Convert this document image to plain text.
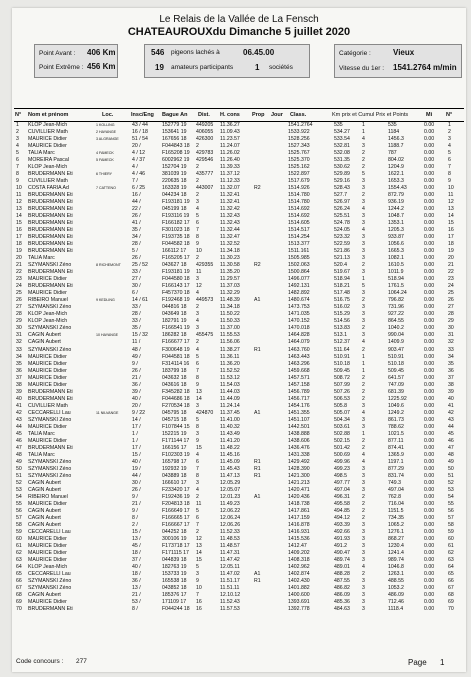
Le Relais de la Vallée de La Fensch
CHATEAUROUXdu Dimanche 5 juillet 2020
Point Avant : 406 Km
Point Extrême : 456 Km
546 pigeons lachés à	06.45.00
19 amateurs participants	1 sociétés
Catégorie :	Vieux
Vitesse du 1er : 1541.2764 m/min
N° Nom et prénom	Loc.	Insc/Eng Bague An Dist. H. cons Prop Jour Class.	Km prix et Cumul Prix et Points	Mi	N°
1 KLOP Jean-Mich	1 KOLLING	43 / 44	152779 19 449205 11.36.27	1541.2764	535	1	535	0.00	1
2 CUVILLIER Math	2 HAYANGE	16 / 18	153641 19 406055 11.09.43	1533.922	534.27 1	1184	0.00	2
3 MAURICE Didier	3 ALGRANGE	51 / 54	167656 18 426300 11.23.57	1528.256	533.54 4	1456.3	0.00	3
4 MAURICE Didier	20 /	F044843 18 2	11.24.07	1527.343	532.81 3	1188.7	0.00	4
5 TALIA Marc	4 FAMECK	4 / 12	F165208 19 429783 11.26.02	1525.767	532.08 2	787	0.00	5
6 MOREIRA Pascal	5 FAMECK	4 / 37	6002962 19 429546 11.26.40	1525.370	531.35 2	804.02	0.00	6
7 KLOP Jean-Mich	4 /	152704 19 2	11.39.33	1525.162	530.62 2	1204.9	0.00	7
8 BRUDERMANN Eti	6 THIERY	4 / 46	381039 19 435777 11.37.12	1522.897	529.89 5	1622.1	0.00	8
9 CUVILLIER Math	7 /	220635 18 2	11.12.33	1517.679	529.16 3	1653.3	0.00	9
10 COSTA FARIA Ad	7 CATTENO	6 / 25	163328 19 443007 11.32.07	R2	1514.926	528.43 3	1554.43	0.00	10
11 BRUDERMANN Eti	16 /	044234 18 2	11.32.41	1514.780	527.7	2	872.79	0.00	11
12 BRUDERMANN Eti	44 /	F193181 19 3	11.32.41	1514.780	526.97 3	936.19	0.00	12
13 BRUDERMANN Eti	22 /	045199 18 4	11.32.42	1514.692	526.24 4	1244.2	0.00	13
14 BRUDERMANN Eti	26 /	F193116 19 5	11.32.43	1514.692	525.51 3	1048.7	0.00	14
15 BRUDERMANN Eti	41 /	F166182 17 6	11.32.43	1514.605	524.78 3	1353.1	0.00	15
16 BRUDERMANN Eti	35 /	F301023 18 7	11.32.44	1514.517	524.05 4	1205.3	0.00	16
17 BRUDERMANN Eti	34 /	F193735 18 8	11.32.47	1514.254	523.32 3	933.87	0.00	17
18 BRUDERMANN Eti	28 /	F044582 18 9	11.32.52	1513.377	522.59 3	1056.6	0.00	18
19 BRUDERMANN Eti	5 /	166112 17 10	11.34.18	1511.161	521.86 3	1665.3	0.00	19
20 TALIA Marc	26 /	F165205 17 2	11.30.23	1505.985	521.13 3	1082.1	0.00	20
21 SZYMANSKI Zéno	8 RICHEMONT 25 / 52	043627 18 429355 11.30.58	R2	1502.063	520.4	2	1610.5	0.00	21
22 BRUDERMANN Eti	33 /	F193181 19 11	11.35.20	1500.864	519.67 3	1011.9	0.00	22
23 MAURICE Didier	27 /	F044580 18 3	11.29.57	1496.077	518.94 1	518.94	0.00	23
24 BRUDERMANN Eti	30 /	F166143 17 12	11.37.03	1492.131	518.21 5	1761.5	0.00	24
25 MAURICE Didier	6 /	F457370 18 4	11.32.29	1482.892	517.48 3	1064.24	0.00	25
26 RIBEIRO Manuel	9 KEDLING	14 / 61	F192468 19 449573 11.48.39	A1	1480.674	516.75 2	796.82	0.00	26
27 SZYMANSKI Zéno	33 /	044816 18 2	11.34.18	1473.753	516.02 3	731.96	0.00	27
28 KLOP Jean-Mich	28 /	043649 18 3	11.50.22	1471.035	515.29 3	927.22	0.00	28
29 KLOP Jean-Mich	33 /	182791 19 4	11.50.33	1470.152	514.56 3	864.55	0.00	29
30 SZYMANSKI Zéno	35 /	F166541 19 3	11.37.00	1470.018	513.83 2	1040.2	0.00	30
31 CAGIN Aubert	10 HAYANGE	15 / 32	186282 18 455475 11.55.53	1464.828	513.1	3	990.04	0.00	31
32 CAGIN Aubert	11 /	F166677 17 2	11.56.06	1464.079	512.37 4	1409.9	0.00	32
33 SZYMANSKI Zéno	48 /	F300648 19 4	11.38.27	R1	1463.760	511.64 2	903.47	0.00	33
34 MAURICE Didier	49 /	F044581 18 5	11.36.11	1463.443	510.91 1	510.91	0.00	34
35 MAURICE Didier	9 /	F314114 16 6	11.36.20	1463.296	510.18 1	510.18	0.00	35
36 MAURICE Didier	26 /	183799 18 7	11.52.52	1459.668	509.45 1	509.45	0.00	36
37 MAURICE Didier	21 /	043632 18 8	11.53.12	1457.571	508.72 2	641.57	0.00	37
38 MAURICE Didier	36 /	043616 18 9	11.54.03	1457.158	507.99 2	747.09	0.00	38
39 BRUDERMANN Eti	39 /	F345282 18 13	11.44.03	1456.789	507.26 2	681.39	0.00	39
40 BRUDERMANN Eti	40 /	F044686 18 14	11.44.09	1456.717	506.53 2	1225.92	0.00	40
41 CUVILLIER Math	20 /	F270534 18 3	11.24.14	1454.176	505.8	3	1049.6	0.00	41
42 CECCARELLI Lau	11 NILVANGE	9 / 22	045795 18 424870 11.37.45	A1	1451.355	505.07 4	1249.2	0.00	42
43 SZYMANSKI Zéno	14 /	045715 18 5	11.41.00	1451.107	504.34 3	861.73	0.00	43
44 MAURICE Didier	17 /	F107844 15 8	11.40.32	1442.501	503.61 3	788.62	0.00	44
45 TALIA Marc	1 /	152215 19 3	11.43.49	1438.888	502.88 1	1021.5	0.00	45
46 MAURICE Didier	1 /	F171144 17 9	11.41.20	1438.606	502.15 2	877.11	0.00	46
47 BRUDERMANN Eti	17 /	166156 17 15	11.48.22	1436.476	501.42 2	874.41	0.00	47
48 TALIA Marc	15 /	F102303 19 4	11.45.16	1431.338	500.69 4	1365.9	0.00	48
49 SZYMANSKI Zéno	40 /	165798 17 6	11.45.09	R1	1429.492	499.96 4	1197.1	0.00	49
50 SZYMANSKI Zéno	19 /	192932 19 7	11.45.43	R1	1428.390	499.23 3	877.29	0.00	50
51 SZYMANSKI Zéno	44 /	043889 18 8	11.47.13	R1	1421.300	498.5	3	831.74	0.00	51
52 CAGIN Aubert	30 /	166610 17 3	12.05.29	1421.213	497.77 3	749.3	0.00	52
53 CAGIN Aubert	26 /	F233420 17 4	12.05.07	1420.471	497.04 3	497.04	0.00	53
54 RIBEIRO Manuel	9 /	F192436 19 2	12.01.23	A1	1420.436	496.31 2	762.8	0.00	54
55 MAURICE Didier	21 /	F204813 18 11	11.49.23	1418.738	495.58 2	716.04	0.00	55
56 CAGIN Aubert	9 /	F166649 17 5	12.06.22	1417.861	494.85 2	1151.5	0.00	56
57 CAGIN Aubert	8 /	F166665 17 6	12.06.24	1417.159	494.12 2	734.35	0.00	57
58 CAGIN Aubert	2 /	F166667 17 7	12.06.26	1416.878	493.39 3	1065.2	0.00	58
59 CECCARELLI Lau	15 /	044252 18 2	11.52.33	1416.931	492.66 3	1276.1	0.00	59
60 MAURICE Didier	13 /	300106 19 12	11.48.53	1415.536	491.93 3	868.27	0.00	60
61 MAURICE Didier	45 /	F173718 17 13	11.48.57	1412.47	491.2	3	1230.4	0.00	61
62 MAURICE Didier	18 /	F171115 17 14	11.47.31	1409.202	490.47 3	1241.4	0.00	62
63 MAURICE Didier	37 /	044839 18 15	11.47.42	1408.318	489.74 3	989.74	0.00	63
64 KLOP Jean-Mich	40 /	182763 19 5	12.05.11	1402.962	489.01 4	1046.8	0.00	64
65 CECCARELLI Lau	18 /	153733 19 3	11.47.02	A1	1402.874	488.28 2	1263.1	0.00	65
66 SZYMANSKI Zéno	36 /	165538 18 9	11.51.17	R1	1402.430	487.55 3	488.55	0.00	66
67 SZYMANSKI Zéno	13 /	043852 18 10	11.51.11	1401.882	486.82 3	1053.2	0.00	67
68 CAGIN Aubert	21 /	185376 17 7	12.10.12	1400.600	486.09 3	486.09	0.00	68
69 MAURICE Didier	53 /	171109 17 16	11.52.43	1393.691	485.36 3	712.46	0.00	69
70 BRUDERMANN Eti	8 /	F044244 18 16	11.57.53	1392.778	484.63 3	1118.4	0.00	70
Code concours : 277	Page 1
